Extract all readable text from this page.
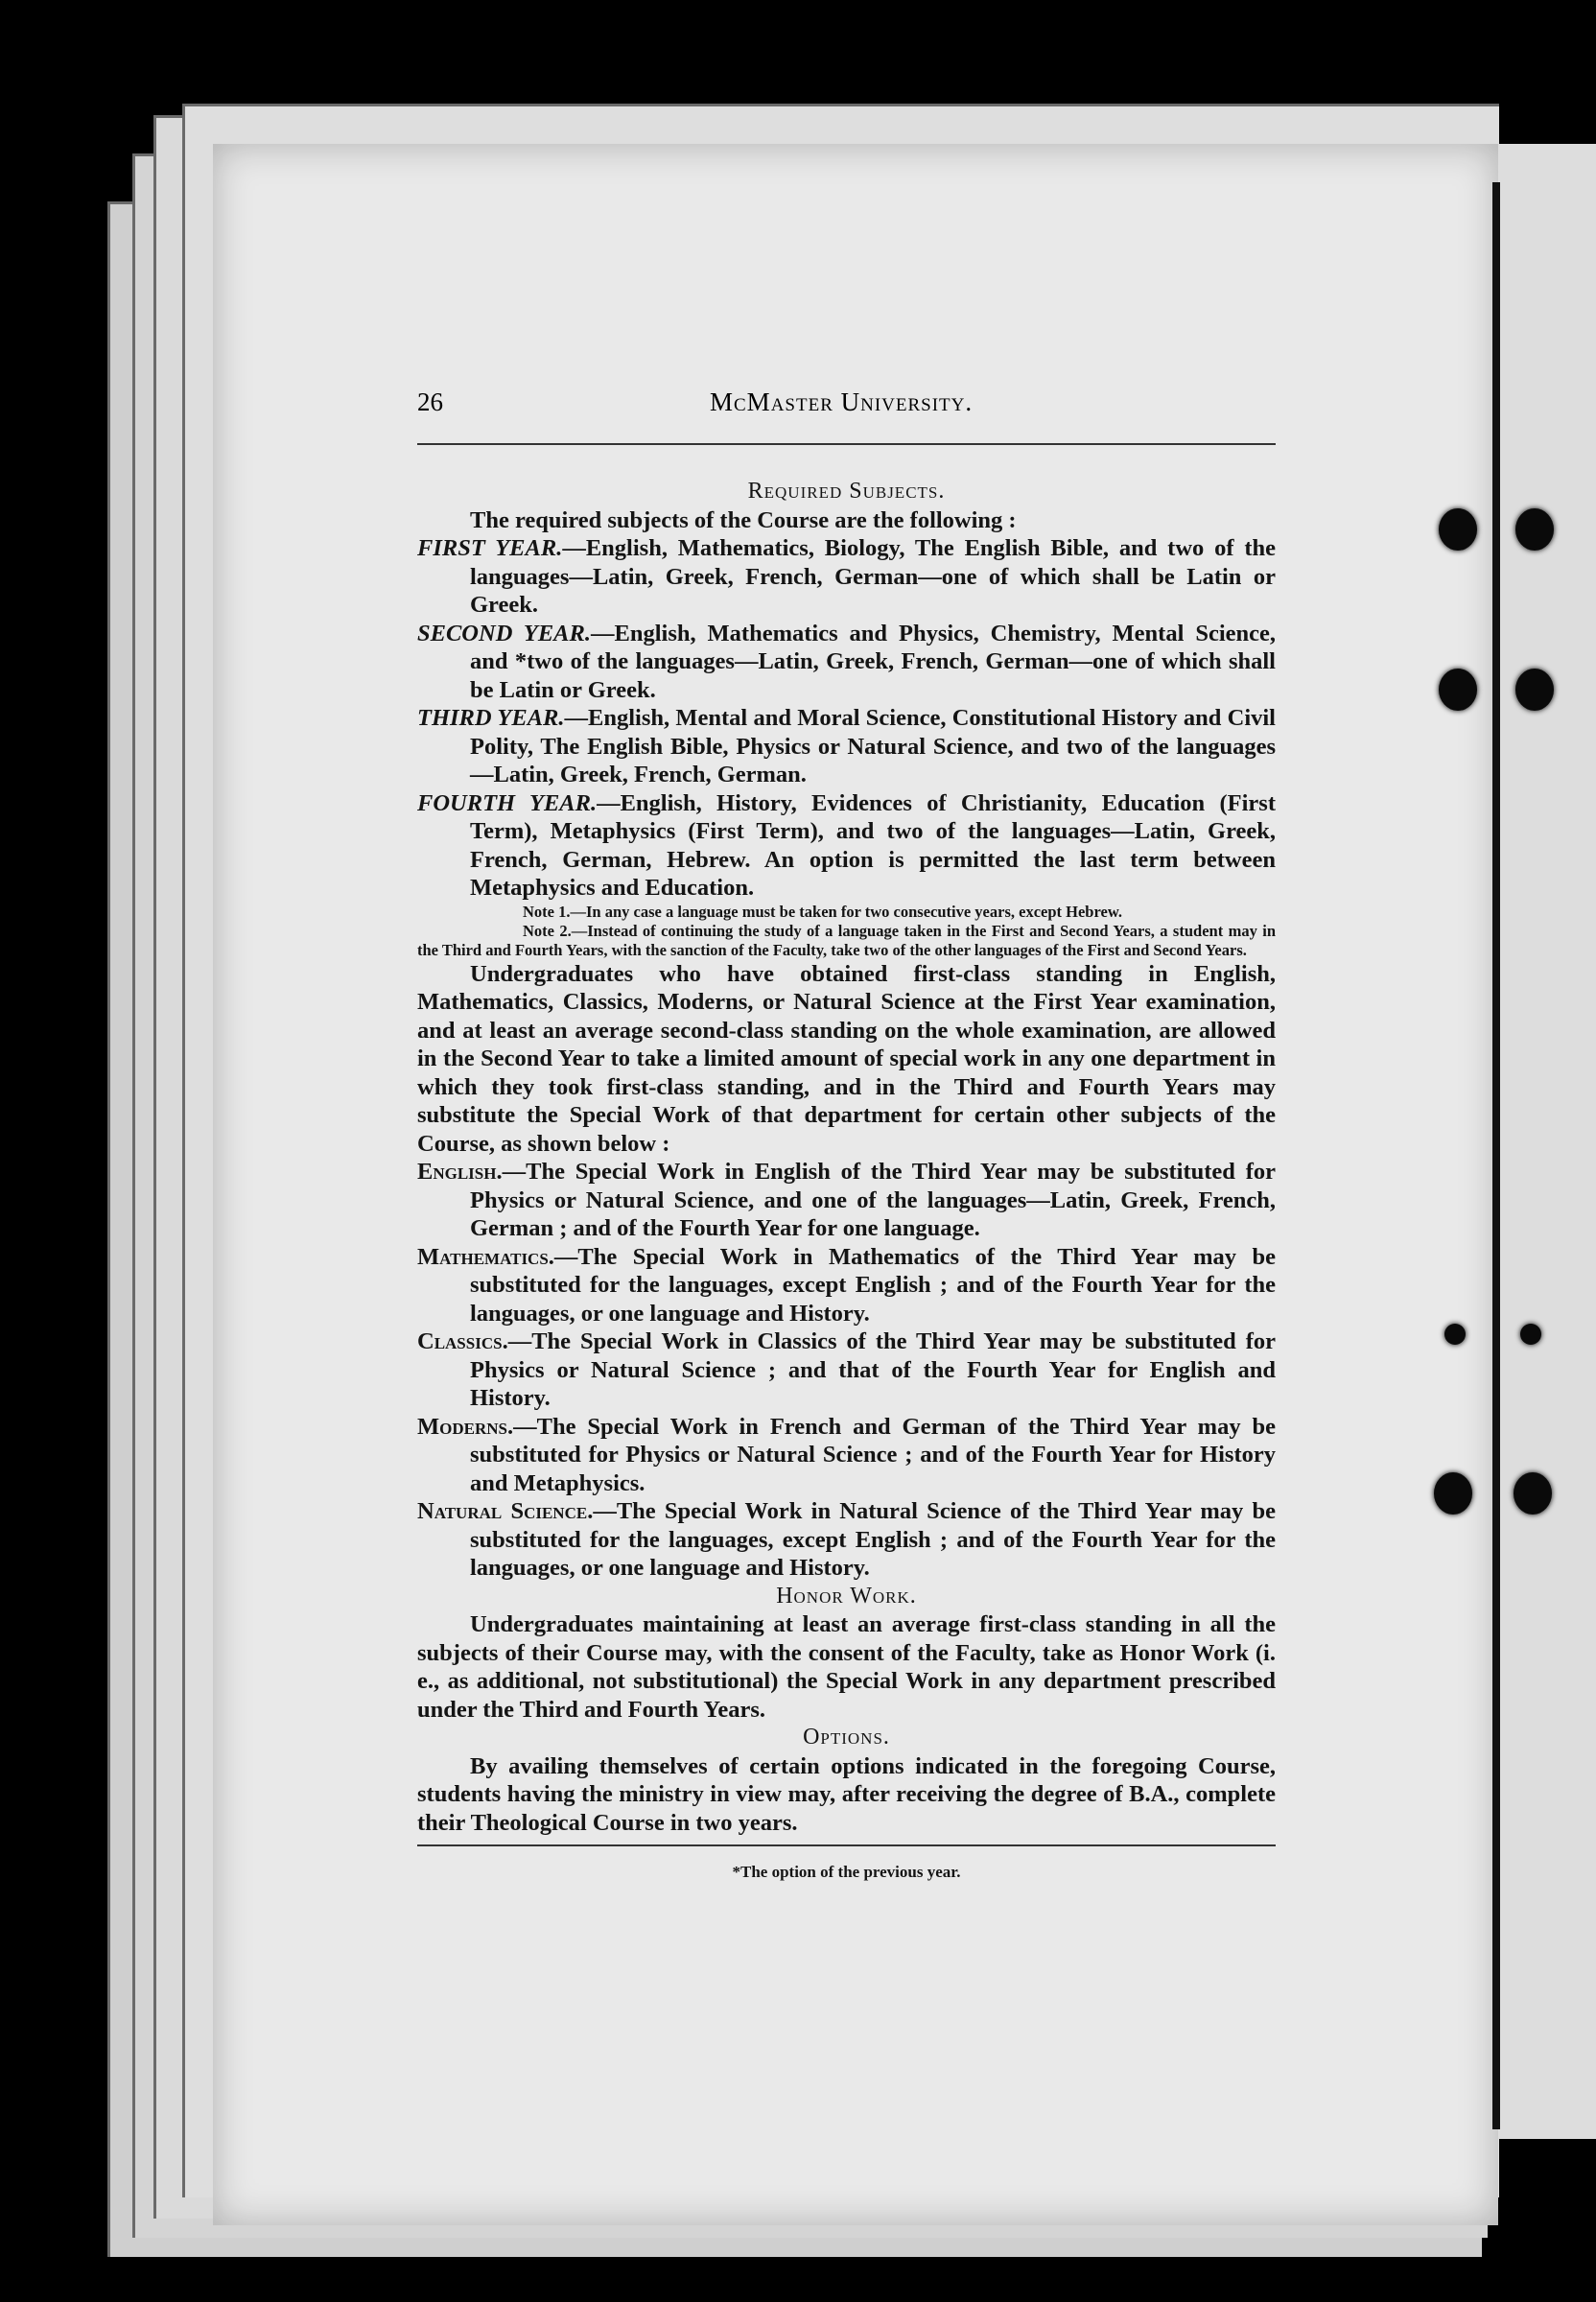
26	McMaster University.
Required Subjects.

The required subjects of the Course are the following :

FIRST YEAR.—English, Mathematics, Biology, The English Bible, and two of the languages—Latin, Greek, French, German—one of which shall be Latin or Greek.

SECOND YEAR.—English, Mathematics and Physics, Chemistry, Mental Science, and *two of the languages—Latin, Greek, French, German—one of which shall be Latin or Greek.

THIRD YEAR.—English, Mental and Moral Science, Constitutional History and Civil Polity, The English Bible, Physics or Natural Science, and two of the languages—Latin, Greek, French, German.

FOURTH YEAR.—English, History, Evidences of Christianity, Education (First Term), Metaphysics (First Term), and two of the languages—Latin, Greek, French, German, Hebrew. An option is permitted the last term between Metaphysics and Education.

Note 1.—In any case a language must be taken for two consecutive years, except Hebrew.

Note 2.—Instead of continuing the study of a language taken in the First and Second Years, a student may in the Third and Fourth Years, with the sanction of the Faculty, take two of the other languages of the First and Second Years.

Undergraduates who have obtained first-class standing in English, Mathematics, Classics, Moderns, or Natural Science at the First Year examination, and at least an average second-class standing on the whole examination, are allowed in the Second Year to take a limited amount of special work in any one department in which they took first-class standing, and in the Third and Fourth Years may substitute the Special Work of that department for certain other subjects of the Course, as shown below :

English.—The Special Work in English of the Third Year may be substituted for Physics or Natural Science, and one of the languages—Latin, Greek, French, German ; and of the Fourth Year for one language.

Mathematics.—The Special Work in Mathematics of the Third Year may be substituted for the languages, except English ; and of the Fourth Year for the languages, or one language and History.

Classics.—The Special Work in Classics of the Third Year may be substituted for Physics or Natural Science ; and that of the Fourth Year for English and History.

Moderns.—The Special Work in French and German of the Third Year may be substituted for Physics or Natural Science ; and of the Fourth Year for History and Metaphysics.

Natural Science.—The Special Work in Natural Science of the Third Year may be substituted for the languages, except English ; and of the Fourth Year for the languages, or one language and History.

Honor Work.

Undergraduates maintaining at least an average first-class standing in all the subjects of their Course may, with the consent of the Faculty, take as Honor Work (i. e., as additional, not substitutional) the Special Work in any department prescribed under the Third and Fourth Years.

Options.

By availing themselves of certain options indicated in the foregoing Course, students having the ministry in view may, after receiving the degree of B.A., complete their Theological Course in two years.

*The option of the previous year.
